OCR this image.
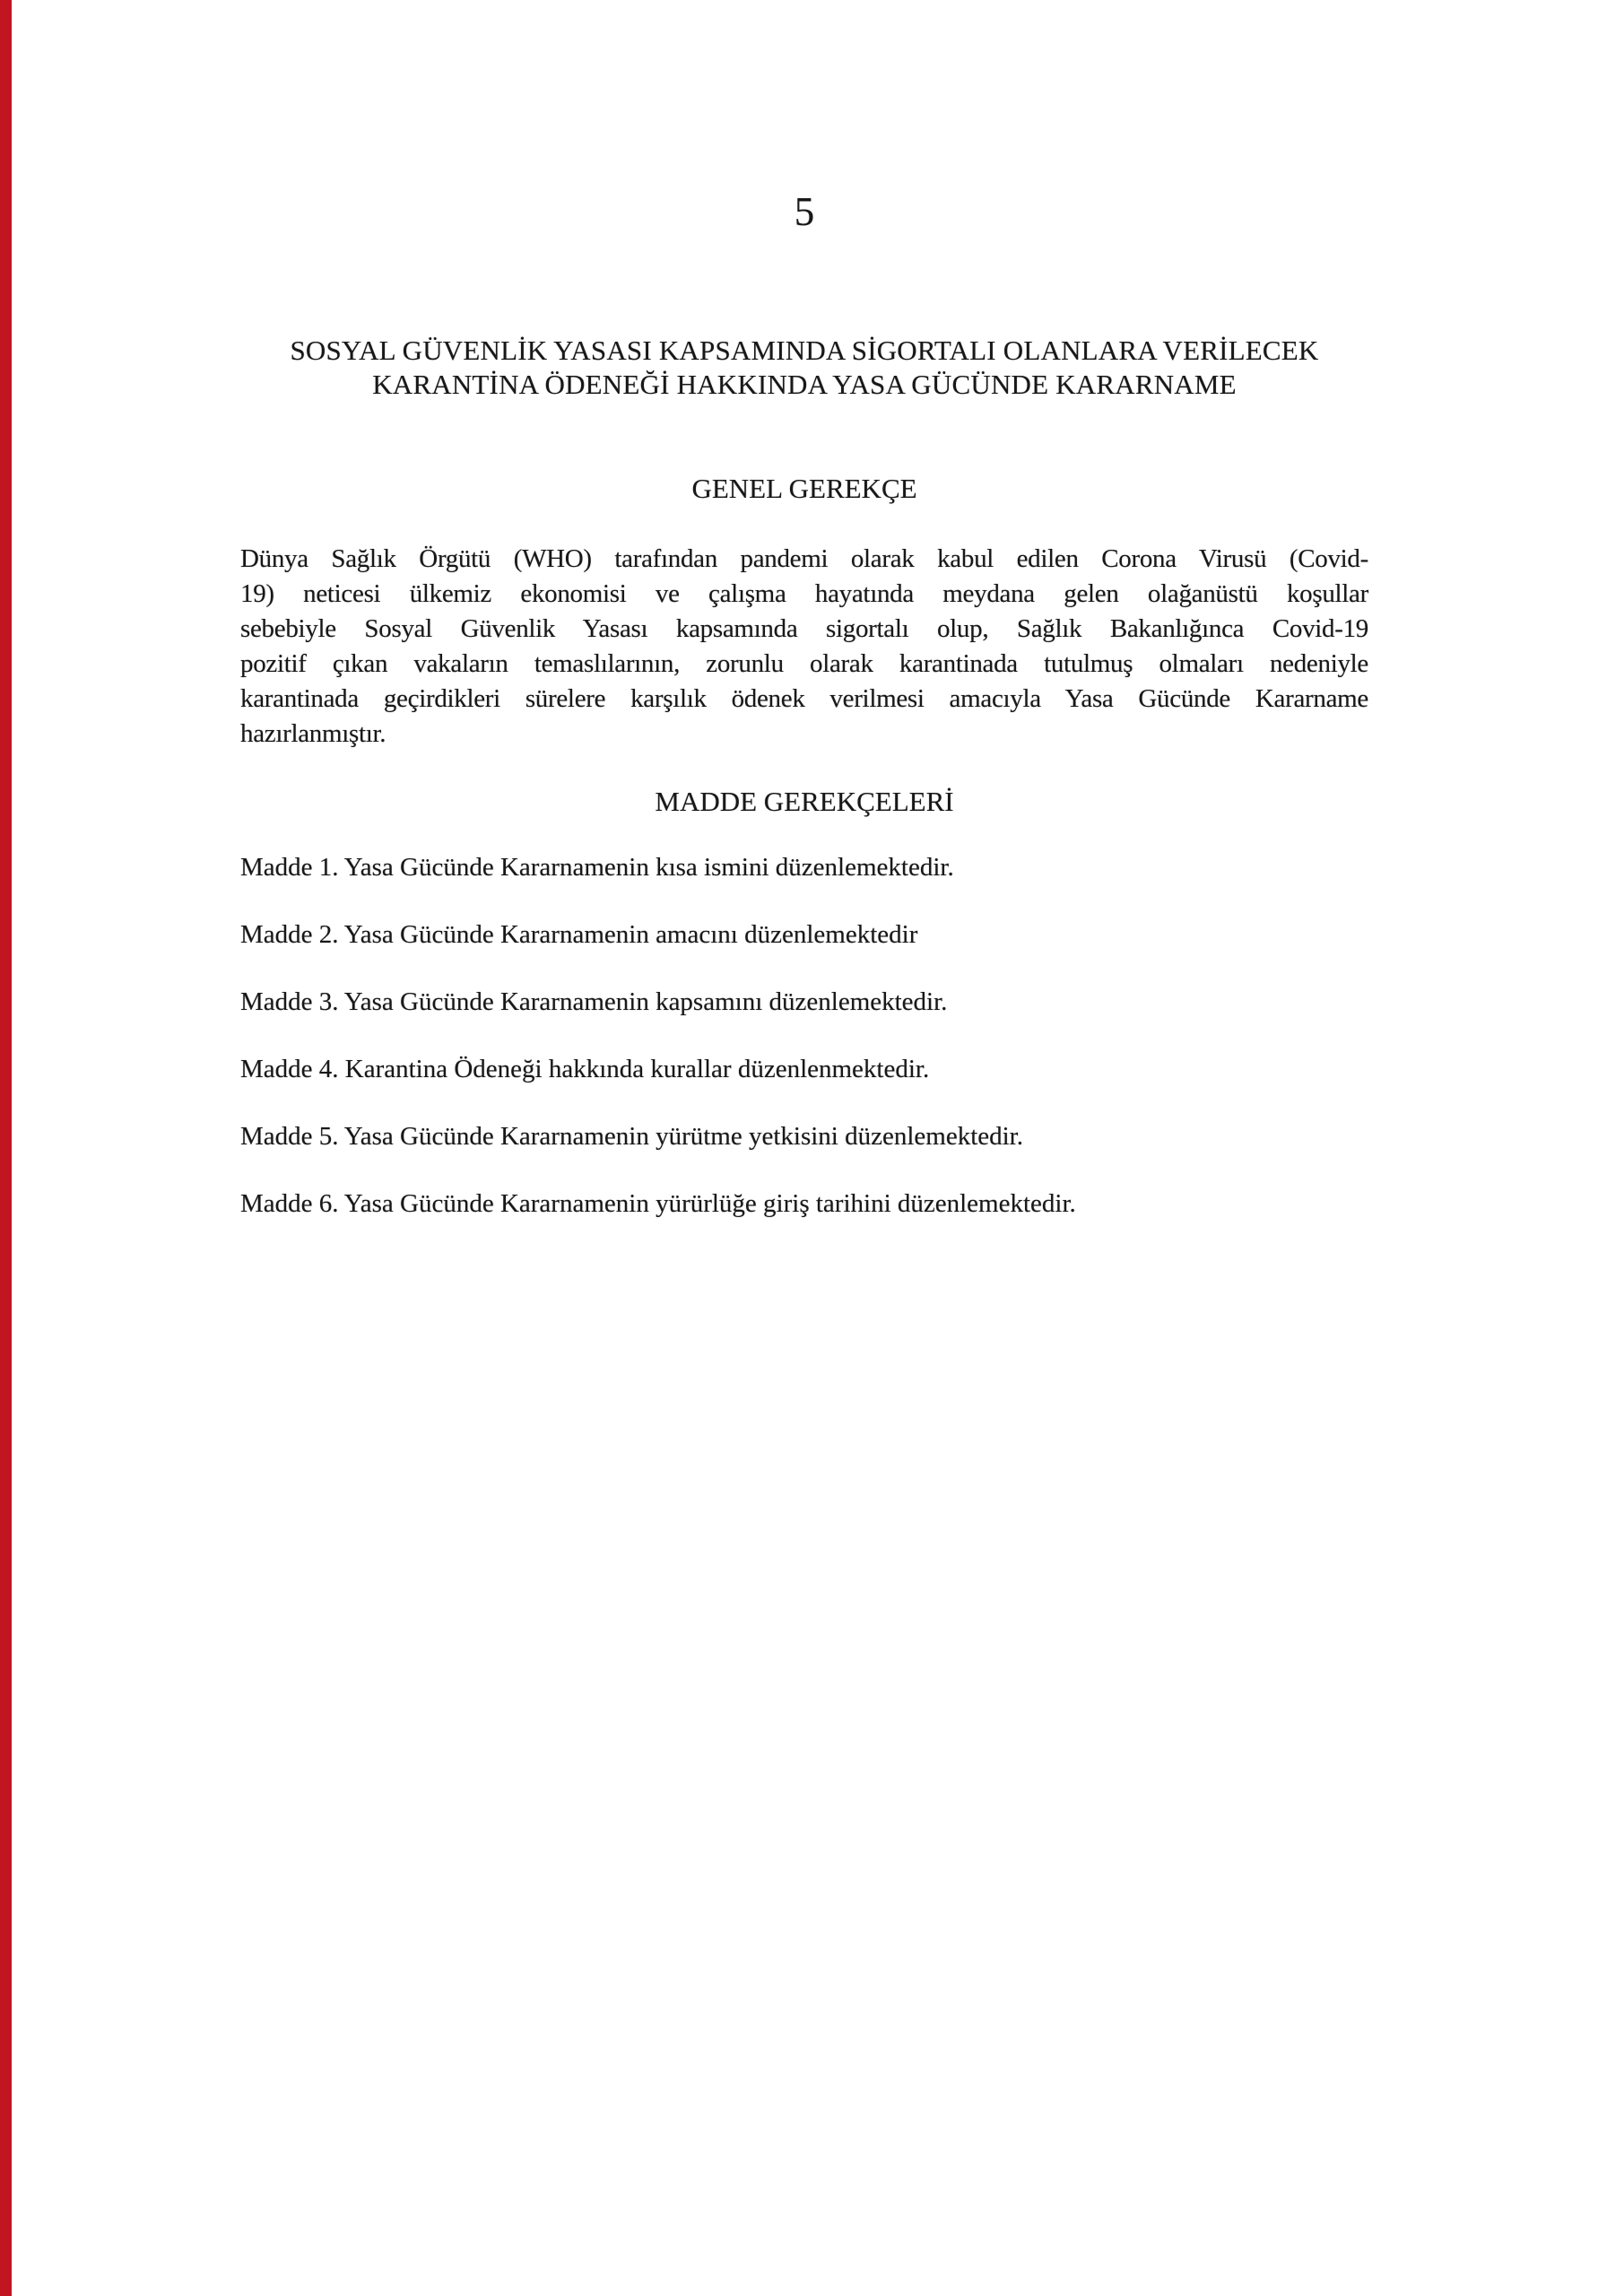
5
SOSYAL GÜVENLİK YASASI KAPSAMINDA SİGORTALI OLANLARA VERİLECEK
KARANTİNA ÖDENEĞİ HAKKINDA YASA GÜCÜNDE KARARNAME
GENEL GEREKÇE
Dünya Sağlık Örgütü (WHO) tarafından pandemi olarak kabul edilen Corona Virusü (Covid-
19) neticesi ülkemiz ekonomisi ve çalışma hayatında meydana gelen olağanüstü koşullar
sebebiyle Sosyal Güvenlik Yasası kapsamında sigortalı olup, Sağlık Bakanlığınca Covid-19
pozitif çıkan vakaların temaslılarının, zorunlu olarak karantinada tutulmuş olmaları nedeniyle
karantinada geçirdikleri sürelere karşılık ödenek verilmesi amacıyla Yasa Gücünde Kararname
hazırlanmıştır.
MADDE GEREKÇELERİ
Madde 1. Yasa Gücünde Kararnamenin kısa ismini düzenlemektedir.
Madde 2. Yasa Gücünde Kararnamenin amacını düzenlemektedir
Madde 3. Yasa Gücünde Kararnamenin kapsamını düzenlemektedir.
Madde 4. Karantina Ödeneği hakkında kurallar düzenlenmektedir.
Madde 5. Yasa Gücünde Kararnamenin yürütme yetkisini düzenlemektedir.
Madde 6. Yasa Gücünde Kararnamenin yürürlüğe giriş tarihini düzenlemektedir.
